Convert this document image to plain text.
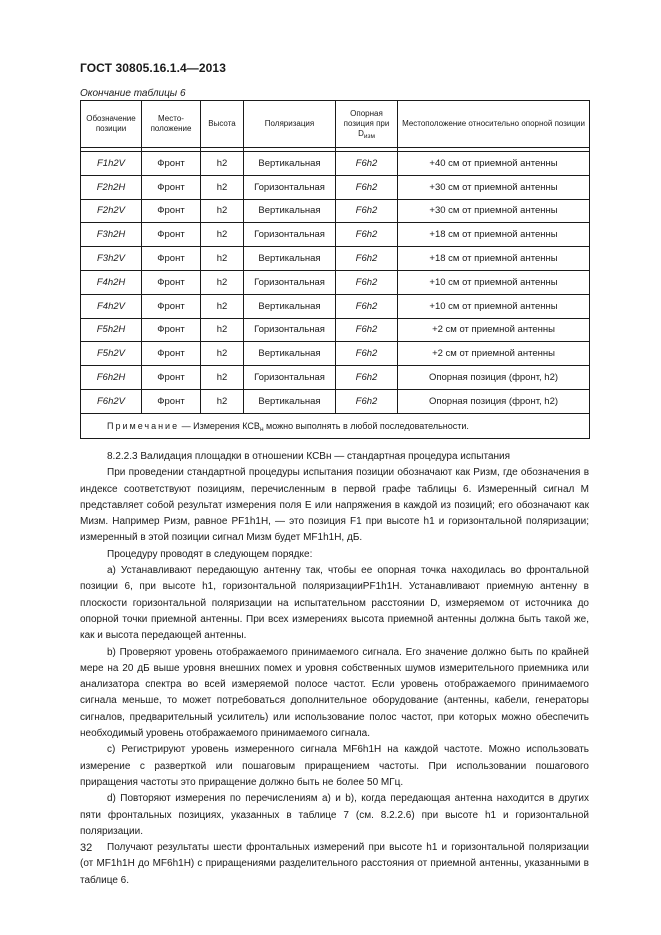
ГОСТ 30805.16.1.4—2013
Окончание таблицы 6
Обозначение позиции	Место-положение	Высота	Поляризация	Опорная позиция при $D_{изм}$	Местоположение относительно опорной позиции

F1h2V	Фронт	h2	Вертикальная	F6h2	+40 см от приемной антенны
F2h2H	Фронт	h2	Горизонтальная	F6h2	+30 см от приемной антенны
F2h2V	Фронт	h2	Вертикальная	F6h2	+30 см от приемной антенны
F3h2H	Фронт	h2	Горизонтальная	F6h2	+18 см от приемной антенны
F3h2V	Фронт	h2	Вертикальная	F6h2	+18 см от приемной антенны
F4h2H	Фронт	h2	Горизонтальная	F6h2	+10 см от приемной антенны
F4h2V	Фронт	h2	Вертикальная	F6h2	+10 см от приемной антенны
F5h2H	Фронт	h2	Горизонтальная	F6h2	+2 см от приемной антенны
F5h2V	Фронт	h2	Вертикальная	F6h2	+2 см от приемной антенны
F6h2H	Фронт	h2	Горизонтальная	F6h2	Опорная позиция (фронт, h2)
F6h2V	Фронт	h2	Вертикальная	F6h2	Опорная позиция (фронт, h2)
Примечание — Измерения $КСВ_н$ можно выполнять в любой последовательности.					

8.2.2.3 Валидация площадки в отношении КСВн — стандартная процедура испытания

При проведении стандартной процедуры испытания позиции обозначают как Pизм, где обозначения в индексе соответствуют позициям, перечисленным в первой графе таблицы 6. Измеренный сигнал M представляет собой результат измерения поля E или напряжения в каждой из позиций; его обозначают как Mизм. Например Pизм, равное PF1h1H, — это позиция F1 при высоте h1 и горизонтальной поляризации; измеренный в этой позиции сигнал Mизм будет MF1h1H, дБ.

Процедуру проводят в следующем порядке:

a) Устанавливают передающую антенну так, чтобы ее опорная точка находилась во фронтальной позиции 6, при высоте h1, горизонтальной поляризацииPF1h1H. Устанавливают приемную антенну в плоскости горизонтальной поляризации на испытательном расстоянии D, измеряемом от источника до опорной точки приемной антенны. При всех измерениях высота приемной антенны должна быть такой же, как и высота передающей антенны.

b) Проверяют уровень отображаемого принимаемого сигнала. Его значение должно быть по крайней мере на 20 дБ выше уровня внешних помех и уровня собственных шумов измерительного приемника или анализатора спектра во всей измеряемой полосе частот. Если уровень отображаемого принимаемого сигнала меньше, то может потребоваться дополнительное оборудование (антенны, кабели, генераторы сигналов, предварительный усилитель) или использование полос частот, при которых можно обеспечить необходимый уровень отображаемого принимаемого сигнала.

c) Регистрируют уровень измеренного сигнала MF6h1H на каждой частоте. Можно использовать измерение с разверткой или пошаговым приращением частоты. При использовании пошагового приращения частоты это приращение должно быть не более 50 МГц.

d) Повторяют измерения по перечислениям a) и b), когда передающая антенна находится в других пяти фронтальных позициях, указанных в таблице 7 (см. 8.2.2.6) при высоте h1 и горизонтальной поляризации.

Получают результаты шести фронтальных измерений при высоте h1 и горизонтальной поляризации (от MF1h1H до MF6h1H) с приращениями разделительного расстояния от приемной антенны, указанными в таблице 6.

32
